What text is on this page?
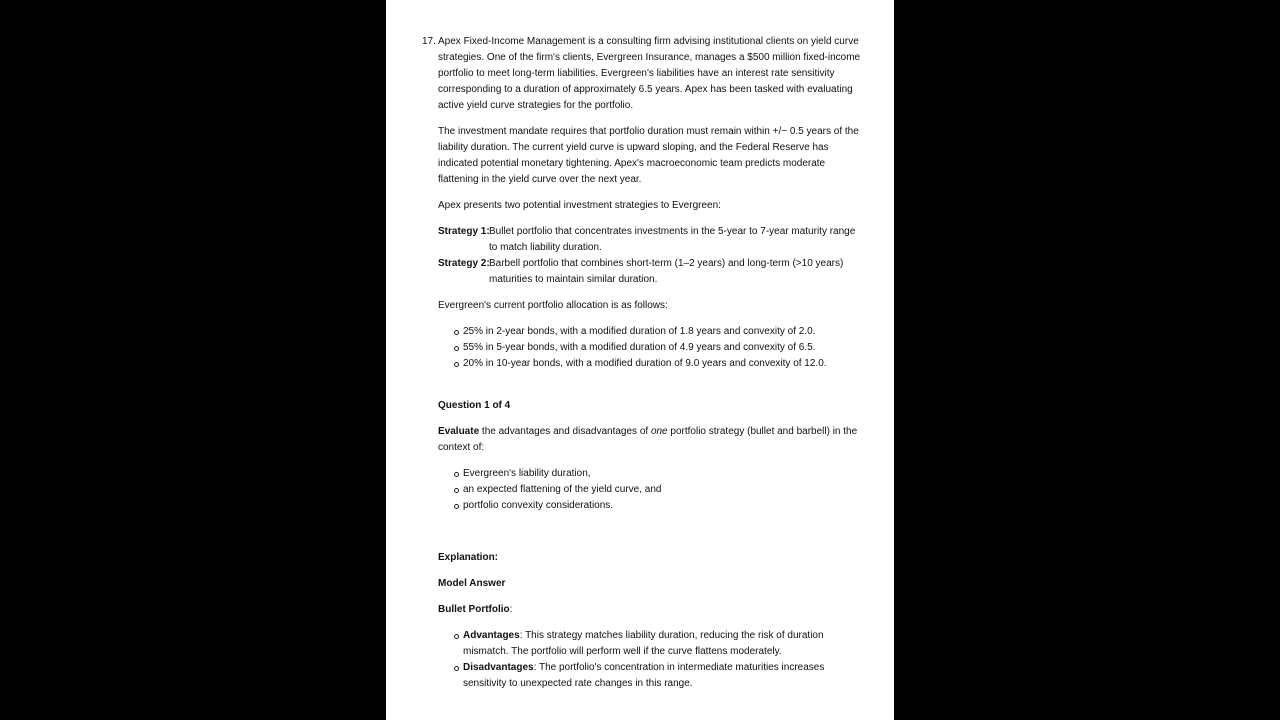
17. Apex Fixed-Income Management is a consulting firm advising institutional clients on yield curve strategies. One of the firm's clients, Evergreen Insurance, manages a $500 million fixed-income portfolio to meet long-term liabilities. Evergreen's liabilities have an interest rate sensitivity corresponding to a duration of approximately 6.5 years. Apex has been tasked with evaluating active yield curve strategies for the portfolio.

The investment mandate requires that portfolio duration must remain within +/− 0.5 years of the liability duration. The current yield curve is upward sloping, and the Federal Reserve has indicated potential monetary tightening. Apex's macroeconomic team predicts moderate flattening in the yield curve over the next year.

Apex presents two potential investment strategies to Evergreen:

Strategy 1: Bullet portfolio that concentrates investments in the 5-year to 7-year maturity range to match liability duration.
Strategy 2: Barbell portfolio that combines short-term (1–2 years) and long-term (>10 years) maturities to maintain similar duration.

Evergreen's current portfolio allocation is as follows:

25% in 2-year bonds, with a modified duration of 1.8 years and convexity of 2.0.
55% in 5-year bonds, with a modified duration of 4.9 years and convexity of 6.5.
20% in 10-year bonds, with a modified duration of 9.0 years and convexity of 12.0.

Question 1 of 4

Evaluate the advantages and disadvantages of one portfolio strategy (bullet and barbell) in the context of:

Evergreen's liability duration,
an expected flattening of the yield curve, and
portfolio convexity considerations.

Explanation:

Model Answer

Bullet Portfolio:

Advantages: This strategy matches liability duration, reducing the risk of duration mismatch. The portfolio will perform well if the curve flattens moderately.
Disadvantages: The portfolio's concentration in intermediate maturities increases sensitivity to unexpected rate changes in this range.
